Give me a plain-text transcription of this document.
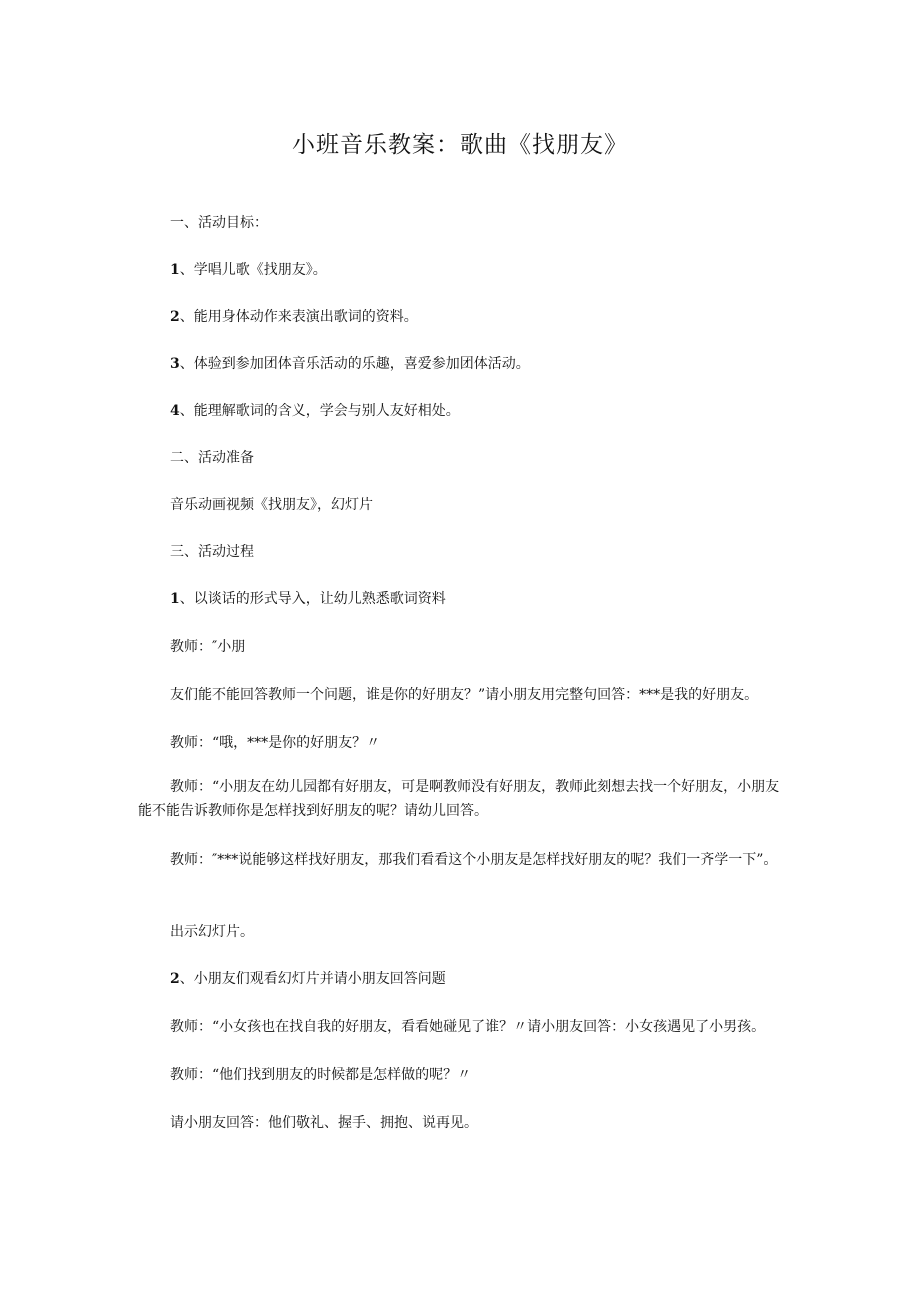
小班音乐教案：歌曲《找朋友》
一、活动目标：
1、学唱儿歌《找朋友》。
2、能用身体动作来表演出歌词的资料。
3、体验到参加团体音乐活动的乐趣，喜爱参加团体活动。
4、能理解歌词的含义，学会与别人友好相处。
二、活动准备
音乐动画视频《找朋友》，幻灯片
三、活动过程
1、以谈话的形式导入，让幼儿熟悉歌词资料
教师：″小朋
友们能不能回答教师一个问题，谁是你的好朋友？”请小朋友用完整句回答：***是我的好朋友。
教师：“哦，***是你的好朋友？〃
教师：“小朋友在幼儿园都有好朋友，可是啊教师没有好朋友，教师此刻想去找一个好朋友，小朋友能不能告诉教师你是怎样找到好朋友的呢？请幼儿回答。
教师：″***说能够这样找好朋友，那我们看看这个小朋友是怎样找好朋友的呢？我们一齐学一下”。
出示幻灯片。
2、小朋友们观看幻灯片并请小朋友回答问题
教师：“小女孩也在找自我的好朋友，看看她碰见了谁？〃请小朋友回答：小女孩遇见了小男孩。
教师：“他们找到朋友的时候都是怎样做的呢？〃
请小朋友回答：他们敬礼、握手、拥抱、说再见。
